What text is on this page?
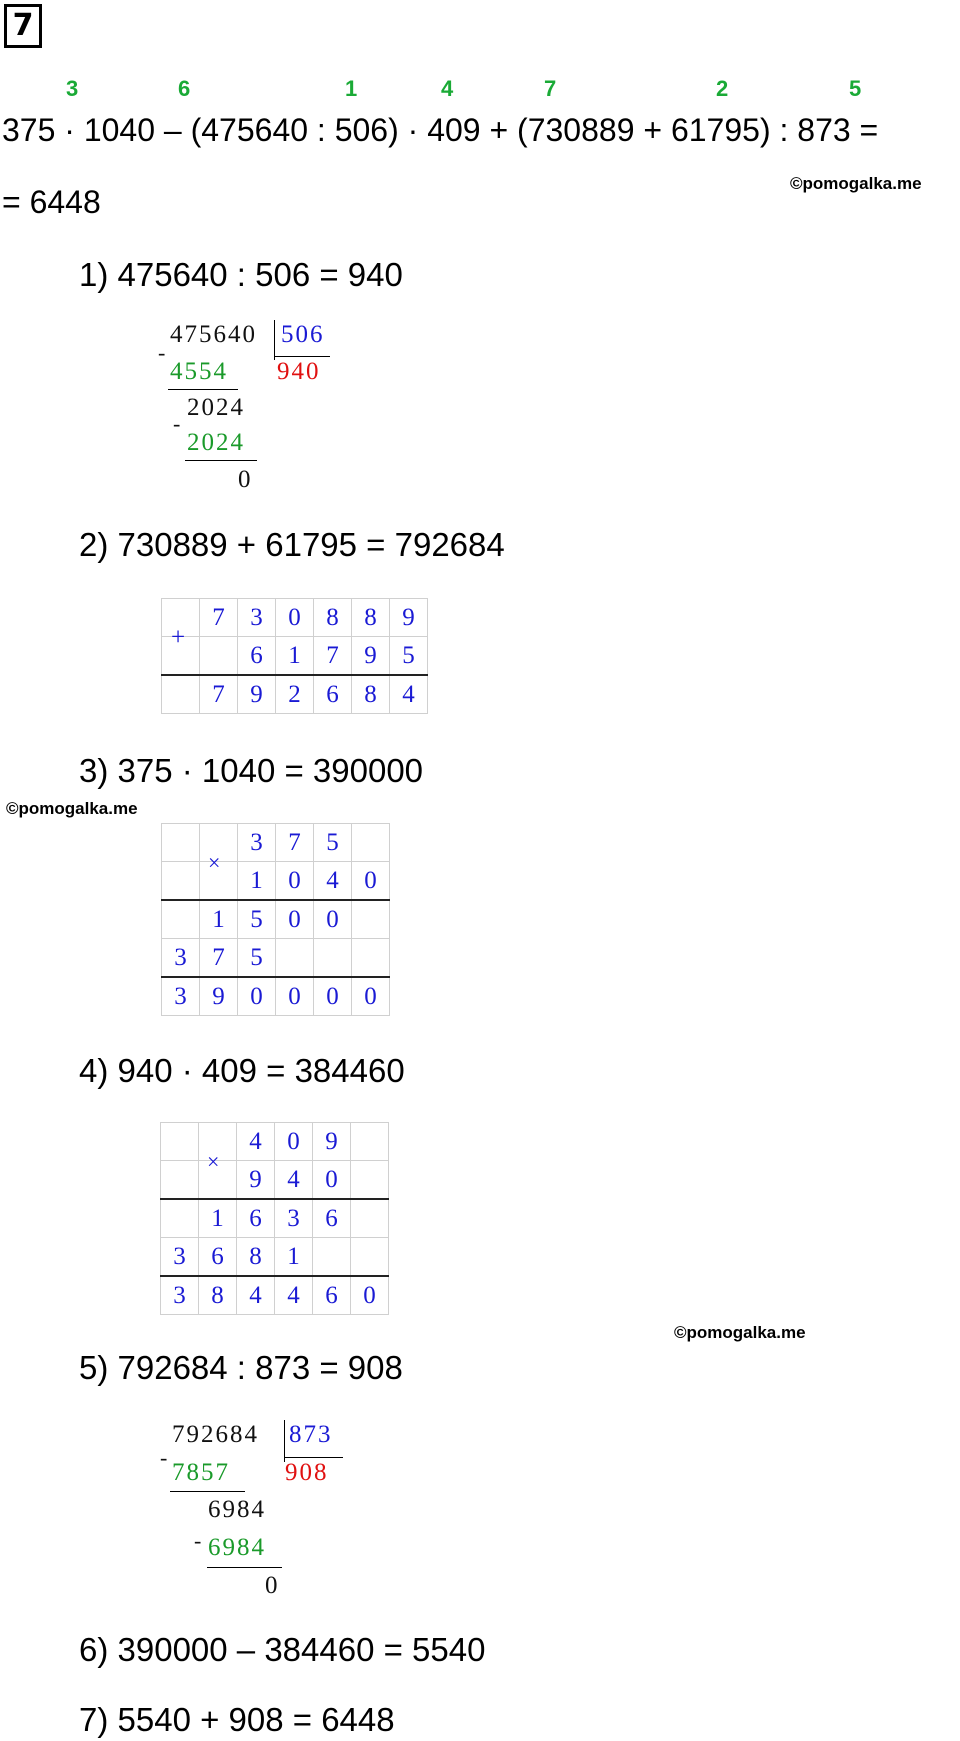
7
3	6	1	4	7	2	5
375 · 1040 – (475640 : 506) · 409 + (730889 + 61795) : 873 =
©pomogalka.me
= 6448
1) 475640 : 506 = 940
-
475640 506
4554 940
-
2024
2024
0
2) 730889 + 61795 = 792684
	7	3	0	8	8	9
		6	1	7	9	5
	7	9	2	6	8	4
+
3) 375 · 1040 = 390000
©pomogalka.me
		3	7	5	
		1	0	4	0
	1	5	0	0	
3	7	5			
3	9	0	0	0	0
×
4) 940 · 409 = 384460
		4	0	9	
		9	4	0	
	1	6	3	6	
3	6	8	1		
3	8	4	4	6	0
×
©pomogalka.me
5) 792684 : 873 = 908
-
792684 873
7857 908
-
6984
6984
0
6) 390000 – 384460 = 5540
7) 5540 + 908 = 6448
